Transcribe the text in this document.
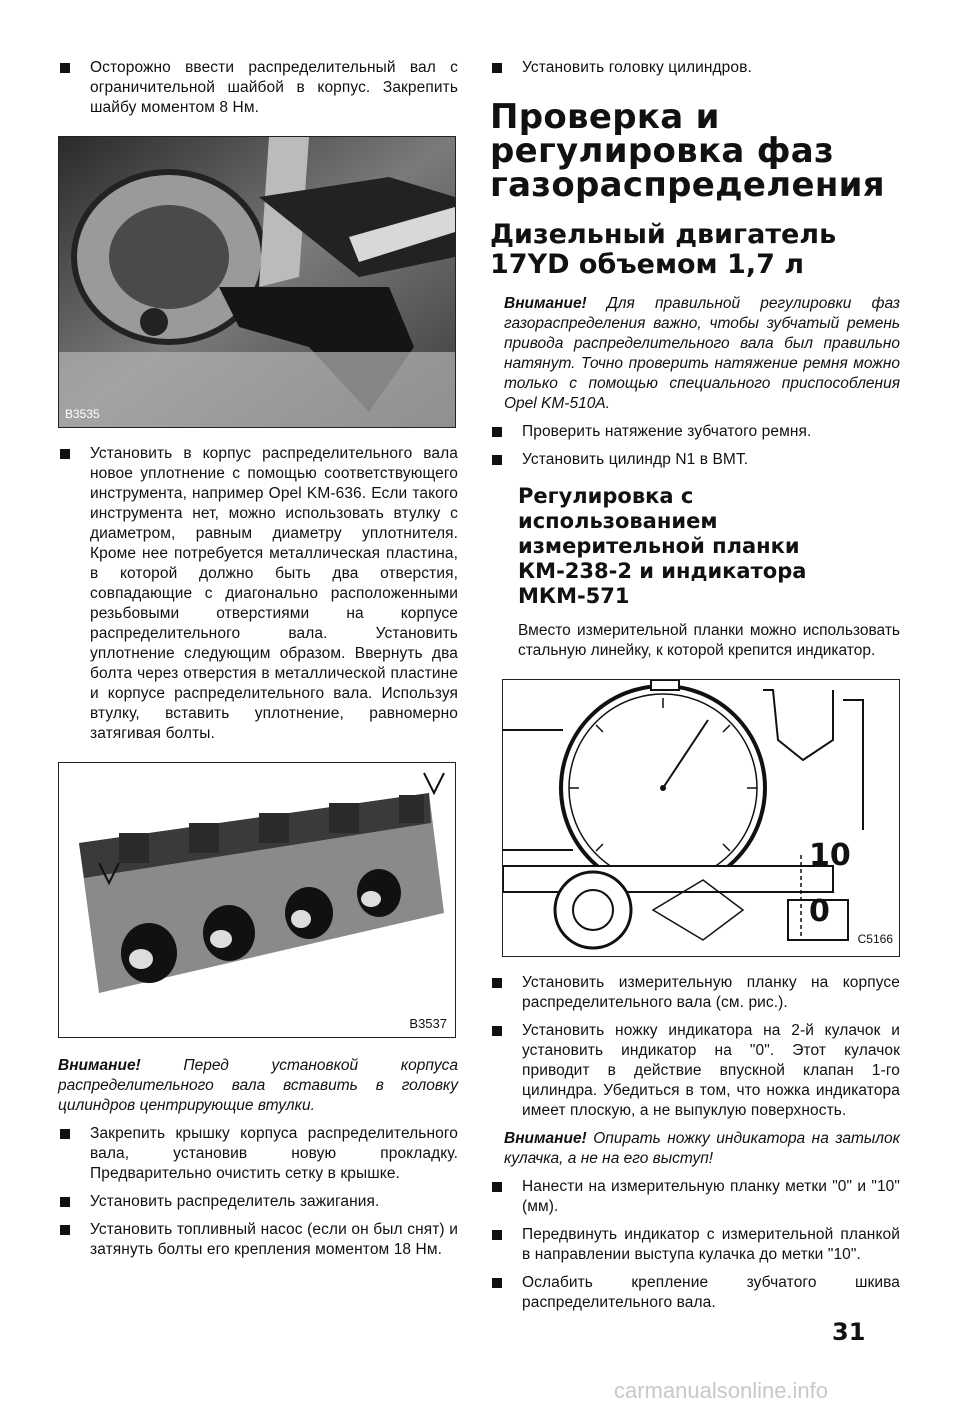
Осторожно ввести распределительный вал с ограничительной шайбой в корпус. Закрепить шайбу моментом 8 Нм.
B3535
Установить в корпус распределительного вала новое уплотнение с помощью соответствующего инструмента, например Opel KM-636. Если такого инструмента нет, можно использовать втулку с диаметром, равным диаметру уплотнителя. Кроме нее потребуется металлическая пластина, в которой должно быть два отверстия, совпадающие с диагонально расположенными резьбовыми отверстиями на корпусе распределительного вала. Установить уплотнение следующим образом. Ввернуть два болта через отверстия в металлической пластине и корпусе распределительного вала. Используя втулку, вставить уплотнение, равномерно затягивая болты.
B3537
Внимание! Перед установкой корпуса распределительного вала вставить в головку цилиндров центрирующие втулки.
Закрепить крышку корпуса распределительного вала, установив новую прокладку. Предварительно очистить сетку в крышке.
Установить распределитель зажигания.
Установить топливный насос (если он был снят) и затянуть болты его крепления моментом 18 Нм.
Установить головку цилиндров.
Проверка и регулировка фаз газораспределения
Дизельный двигатель 17YD объемом 1,7 л
Внимание! Для правильной регулировки фаз газораспределения важно, чтобы зубчатый ремень привода распределительного вала был правильно натянут. Точно проверить натяжение ремня можно только с помощью специального приспособления Opel KM-510A.
Проверить натяжение зубчатого ремня.
Установить цилиндр N1 в ВМТ.
Регулировка с использованием измерительной планки КМ-238-2 и индикатора МКМ-571
Вместо измерительной планки можно использовать стальную линейку, к которой крепится индикатор.
10
0
C5166
Установить измерительную планку на корпусе распределительного вала (см. рис.).
Установить ножку индикатора на 2-й кулачок и установить индикатор на "0". Этот кулачок приводит в действие впускной клапан 1-го цилиндра. Убедиться в том, что ножка индикатора имеет плоскую, а не выпуклую поверхность.
Внимание! Опирать ножку индикатора на затылок кулачка, а не на его выступ!
Нанести на измерительную планку метки "0" и "10" (мм).
Передвинуть индикатор с измерительной планкой в направлении выступа кулачка до метки "10".
Ослабить крепление зубчатого шкива распределительного вала.
31
carmanualsonline.info
